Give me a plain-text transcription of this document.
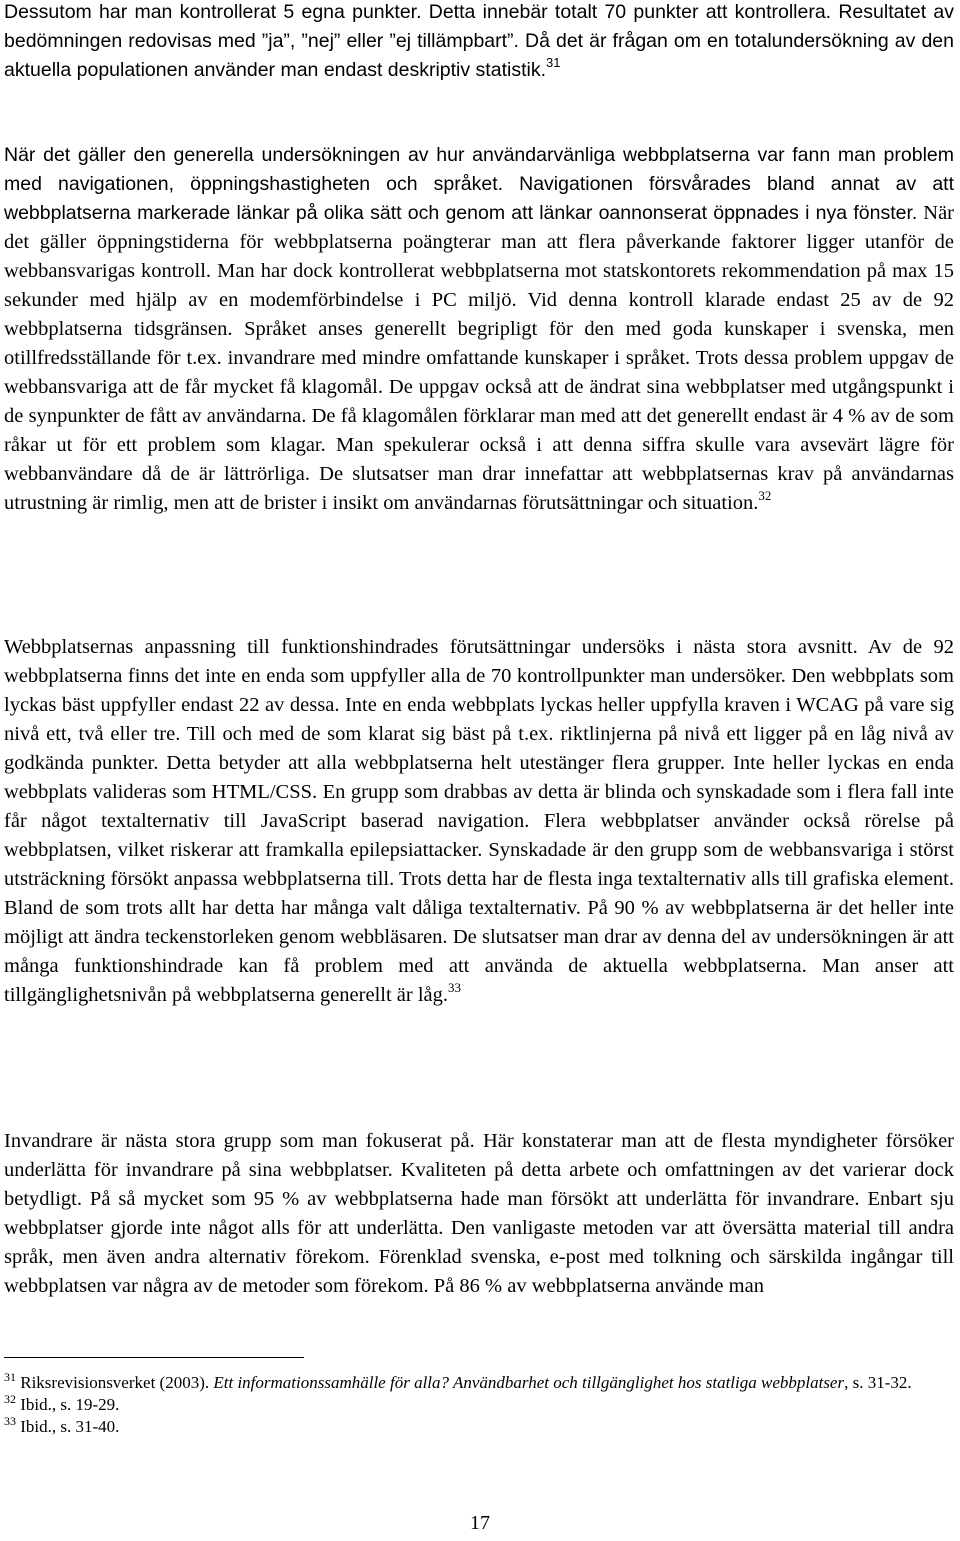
Dessutom har man kontrollerat 5 egna punkter. Detta innebär totalt 70 punkter att kontrollera. Resultatet av bedömningen redovisas med ”ja”, ”nej” eller ”ej tillämpbart”. Då det är frågan om en totalundersökning av den aktuella populationen använder man endast deskriptiv statistik.$^{31}$

När det gäller den generella undersökningen av hur användarvänliga webbplatserna var fann man problem med navigationen, öppningshastigheten och språket. Navigationen försvårades bland annat av att webbplatserna markerade länkar på olika sätt och genom att länkar oannonserat öppnades i nya fönster. När det gäller öppningstiderna för webbplatserna poängterar man att flera påverkande faktorer ligger utanför de webbansvarigas kontroll. Man har dock kontrollerat webbplatserna mot statskontorets rekommendation på max 15 sekunder med hjälp av en modemförbindelse i PC miljö. Vid denna kontroll klarade endast 25 av de 92 webbplatserna tidsgränsen. Språket anses generellt begripligt för den med goda kunskaper i svenska, men otillfredsställande för t.ex. invandrare med mindre omfattande kunskaper i språket. Trots dessa problem uppgav de webbansvariga att de får mycket få klagomål. De uppgav också att de ändrat sina webbplatser med utgångspunkt i de synpunkter de fått av användarna. De få klagomålen förklarar man med att det generellt endast är 4 % av de som råkar ut för ett problem som klagar. Man spekulerar också i att denna siffra skulle vara avsevärt lägre för webbanvändare då de är lättrörliga. De slutsatser man drar innefattar att webbplatsernas krav på användarnas utrustning är rimlig, men att de brister i insikt om användarnas förutsättningar och situation.$^{32}$

Webbplatsernas anpassning till funktionshindrades förutsättningar undersöks i nästa stora avsnitt. Av de 92 webbplatserna finns det inte en enda som uppfyller alla de 70 kontrollpunkter man undersöker. Den webbplats som lyckas bäst uppfyller endast 22 av dessa. Inte en enda webbplats lyckas heller uppfylla kraven i WCAG på vare sig nivå ett, två eller tre. Till och med de som klarat sig bäst på t.ex. riktlinjerna på nivå ett ligger på en låg nivå av godkända punkter. Detta betyder att alla webbplatserna helt utestänger flera grupper. Inte heller lyckas en enda webbplats valideras som HTML/CSS. En grupp som drabbas av detta är blinda och synskadade som i flera fall inte får något textalternativ till JavaScript baserad navigation. Flera webbplatser använder också rörelse på webbplatsen, vilket riskerar att framkalla epilepsiattacker. Synskadade är den grupp som de webbansvariga i störst utsträckning försökt anpassa webbplatserna till. Trots detta har de flesta inga textalternativ alls till grafiska element. Bland de som trots allt har detta har många valt dåliga textalternativ. På 90 % av webbplatserna är det heller inte möjligt att ändra teckenstorleken genom webbläsaren. De slutsatser man drar av denna del av undersökningen är att många funktionshindrade kan få problem med att använda de aktuella webbplatserna. Man anser att tillgänglighetsnivån på webbplatserna generellt är låg.$^{33}$

Invandrare är nästa stora grupp som man fokuserat på. Här konstaterar man att de flesta myndigheter försöker underlätta för invandrare på sina webbplatser. Kvaliteten på detta arbete och omfattningen av det varierar dock betydligt. På så mycket som 95 % av webbplatserna hade man försökt att underlätta för invandrare. Enbart sju webbplatser gjorde inte något alls för att underlätta. Den vanligaste metoden var att översätta material till andra språk, men även andra alternativ förekom. Förenklad svenska, e-post med tolkning och särskilda ingångar till webbplatsen var några av de metoder som förekom. På 86 % av webbplatserna använde man

$^{31}$ Riksrevisionsverket (2003). Ett informationssamhälle för alla? Användbarhet och tillgänglighet hos statliga webbplatser, s. 31-32.

$^{32}$ Ibid., s. 19-29.

$^{33}$ Ibid., s. 31-40.

17
